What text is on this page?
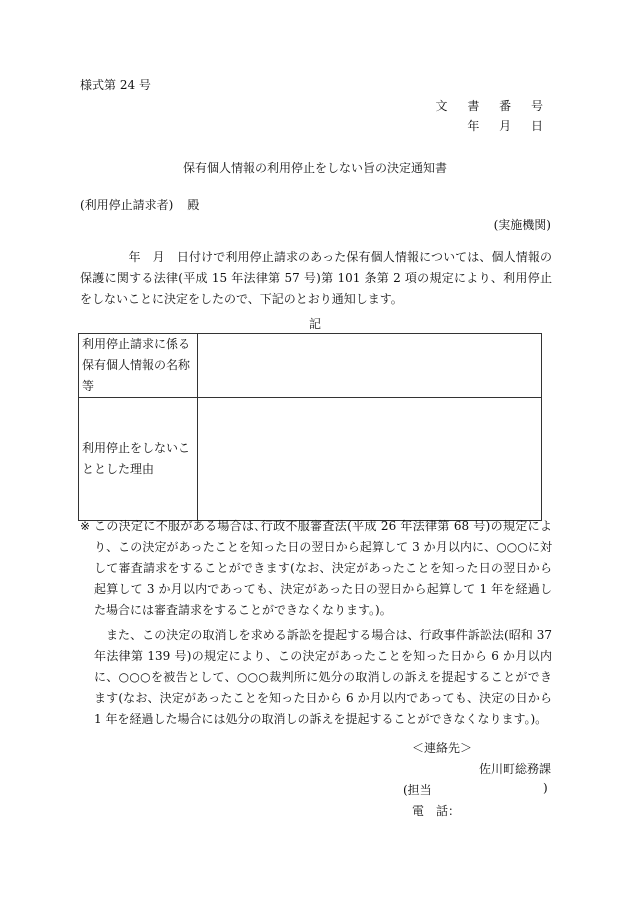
様式第 24 号
文 書 番 号
年 月 日
保有個人情報の利用停止をしない旨の決定通知書
(利用停止請求者) 殿
(実施機関)
　　　　年　月　日付けで利用停止請求のあった保有個人情報については、個人情報の保護に関する法律(平成 15 年法律第 57 号)第 101 条第 2 項の規定により、利用停止をしないことに決定をしたので、下記のとおり通知します。
記
利用停止請求に係る保有個人情報の名称等	
利用停止をしないこととした理由	
※ この決定に不服がある場合は､行政不服審査法(平成 26 年法律第 68 号)の規定により、この決定があったことを知った日の翌日から起算して 3 か月以内に、○○○に対して審査請求をすることができます(なお、決定があったことを知った日の翌日から起算して 3 か月以内であっても、決定があった日の翌日から起算して 1 年を経過した場合には審査請求をすることができなくなります。)。
また、この決定の取消しを求める訴訟を提起する場合は、行政事件訴訟法(昭和 37 年法律第 139 号)の規定により、この決定があったことを知った日から 6 か月以内に、○○○を被告として、○○○裁判所に処分の取消しの訴えを提起することができます(なお、決定があったことを知った日から 6 か月以内であっても、決定の日から 1 年を経過した場合には処分の取消しの訴えを提起することができなくなります。)。
＜連絡先＞
佐川町総務課
(担当	)
電　話：
